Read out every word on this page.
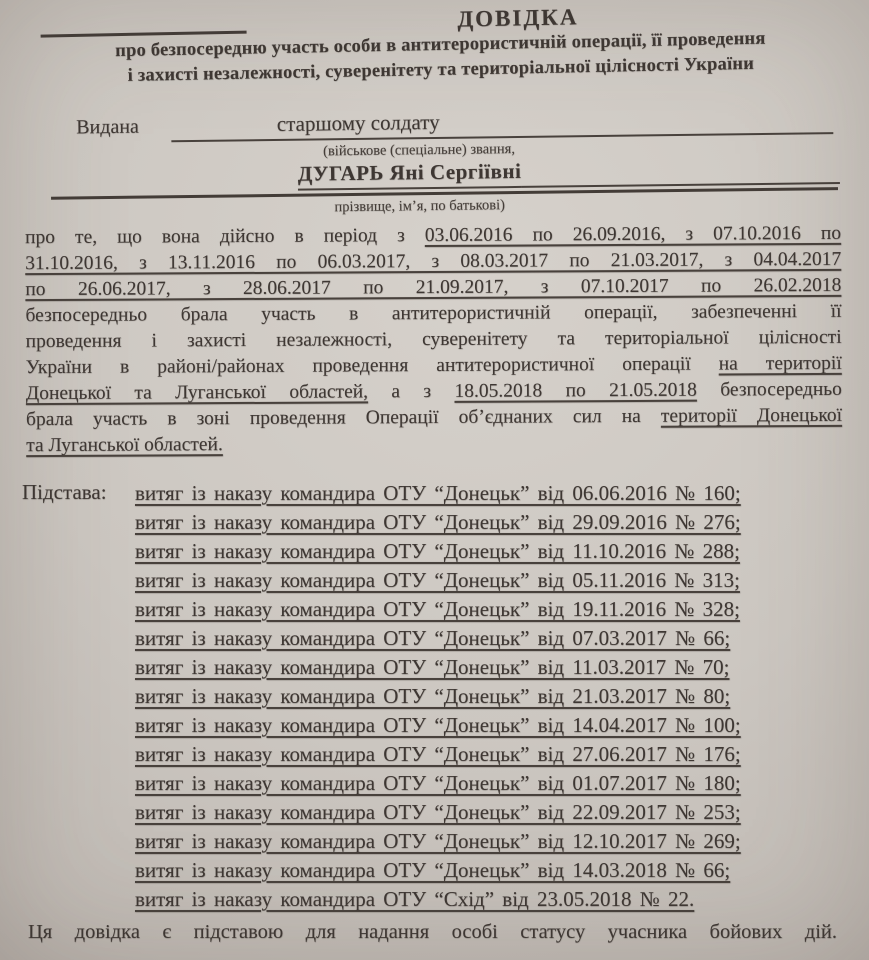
ДОВІДКА
про безпосередню участь особи в антитерористичній операції, її проведення
і захисті незалежності, суверенітету та територіальної цілісності України
Видана	старшому солдату
(військове (спеціальне) звання,
ДУГАРЬ Яні Сергіївні
прізвище, ім’я, по батькові)
про те, що вона дійсно в період з 03.06.2016 по 26.09.2016, з 07.10.2016 по
31.10.2016, з 13.11.2016 по 06.03.2017, з 08.03.2017 по 21.03.2017, з 04.04.2017
по 26.06.2017, з 28.06.2017 по 21.09.2017, з 07.10.2017 по 26.02.2018
безпосередньо брала участь в антитерористичній операції, забезпеченні її
проведення і захисті незалежності, суверенітету та територіальної цілісності
України в районі/районах проведення антитерористичної операції на території
Донецької та Луганської областей, а з 18.05.2018 по 21.05.2018 безпосередньо
брала участь в зоні проведення Операції об’єднаних сил на території Донецької
та Луганської областей.
Підстава: витяг із наказу командира ОТУ “Донецьк” від 06.06.2016 № 160;
витяг із наказу командира ОТУ “Донецьк” від 29.09.2016 № 276;
витяг із наказу командира ОТУ “Донецьк” від 11.10.2016 № 288;
витяг із наказу командира ОТУ “Донецьк” від 05.11.2016 № 313;
витяг із наказу командира ОТУ “Донецьк” від 19.11.2016 № 328;
витяг із наказу командира ОТУ “Донецьк” від 07.03.2017 № 66;
витяг із наказу командира ОТУ “Донецьк” від 11.03.2017 № 70;
витяг із наказу командира ОТУ “Донецьк” від 21.03.2017 № 80;
витяг із наказу командира ОТУ “Донецьк” від 14.04.2017 № 100;
витяг із наказу командира ОТУ “Донецьк” від 27.06.2017 № 176;
витяг із наказу командира ОТУ “Донецьк” від 01.07.2017 № 180;
витяг із наказу командира ОТУ “Донецьк” від 22.09.2017 № 253;
витяг із наказу командира ОТУ “Донецьк” від 12.10.2017 № 269;
витяг із наказу командира ОТУ “Донецьк” від 14.03.2018 № 66;
витяг із наказу командира ОТУ “Схід” від 23.05.2018 № 22.

Ця довідка є підставою для надання особі статусу учасника бойових дій.
